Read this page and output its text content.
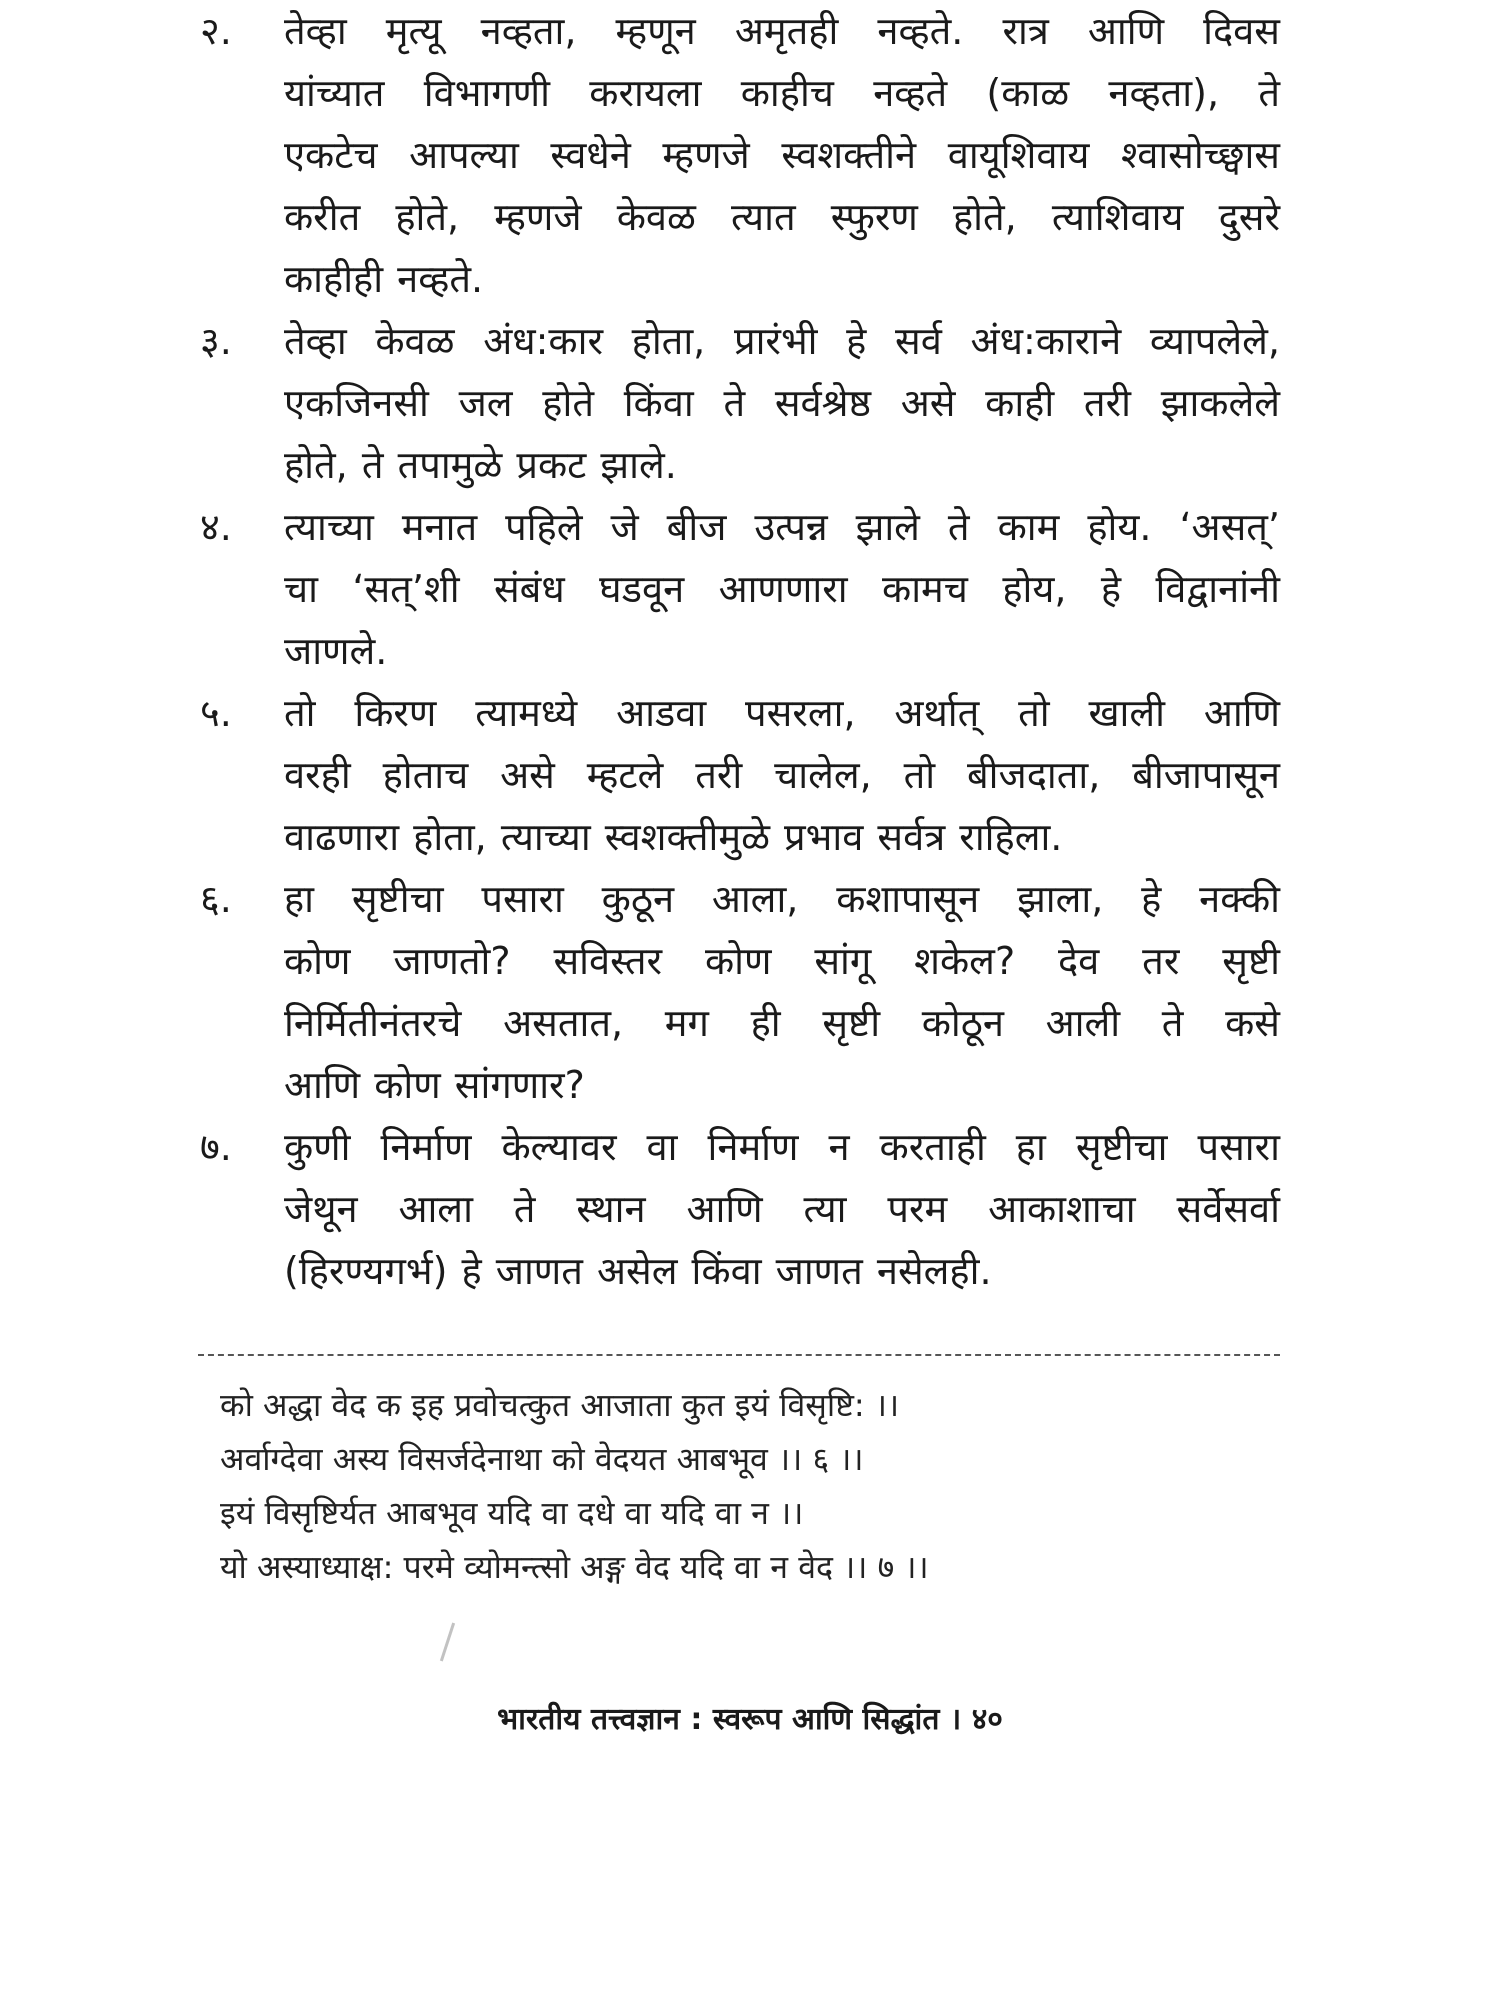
२.	तेव्हा मृत्यू नव्हता, म्हणून अमृतही नव्हते. रात्र आणि दिवस
यांच्यात विभागणी करायला काहीच नव्हते (काळ नव्हता), ते
एकटेच आपल्या स्वधेने म्हणजे स्वशक्तीने वायूशिवाय श्वासोच्छ्वास
करीत होते, म्हणजे केवळ त्यात स्फुरण होते, त्याशिवाय दुसरे
काहीही नव्हते.
३.	तेव्हा केवळ अंध:कार होता, प्रारंभी हे सर्व अंध:काराने व्यापलेले,
एकजिनसी जल होते किंवा ते सर्वश्रेष्ठ असे काही तरी झाकलेले
होते, ते तपामुळे प्रकट झाले.
४.	त्याच्या मनात पहिले जे बीज उत्पन्न झाले ते काम होय. ‘असत्’
चा ‘सत्’शी संबंध घडवून आणणारा कामच होय, हे विद्वानांनी
जाणले.
५.	तो किरण त्यामध्ये आडवा पसरला, अर्थात् तो खाली आणि
वरही होताच असे म्हटले तरी चालेल, तो बीजदाता, बीजापासून
वाढणारा होता, त्याच्या स्वशक्तीमुळे प्रभाव सर्वत्र राहिला.
६.	हा सृष्टीचा पसारा कुठून आला, कशापासून झाला, हे नक्की
कोण जाणतो? सविस्तर कोण सांगू शकेल? देव तर सृष्टी
निर्मितीनंतरचे असतात, मग ही सृष्टी कोठून आली ते कसे
आणि कोण सांगणार?
७.	कुणी निर्माण केल्यावर वा निर्माण न करताही हा सृष्टीचा पसारा
जेथून आला ते स्थान आणि त्या परम आकाशाचा सर्वेसर्वा
(हिरण्यगर्भ) हे जाणत असेल किंवा जाणत नसेलही.
को अद्धा वेद क इह प्रवोचत्कुत आजाता कुत इयं विसृष्टि: ।।
अर्वाग्देवा अस्य विसर्जदेनाथा को वेदयत आबभूव ।। ६ ।।
इयं विसृष्टिर्यत आबभूव यदि वा दधे वा यदि वा न ।।
यो अस्याध्याक्ष: परमे व्योमन्त्सो अङ्ग वेद यदि वा न वेद ।। ७ ।।
भारतीय तत्त्वज्ञान : स्वरूप आणि सिद्धांत । ४०
